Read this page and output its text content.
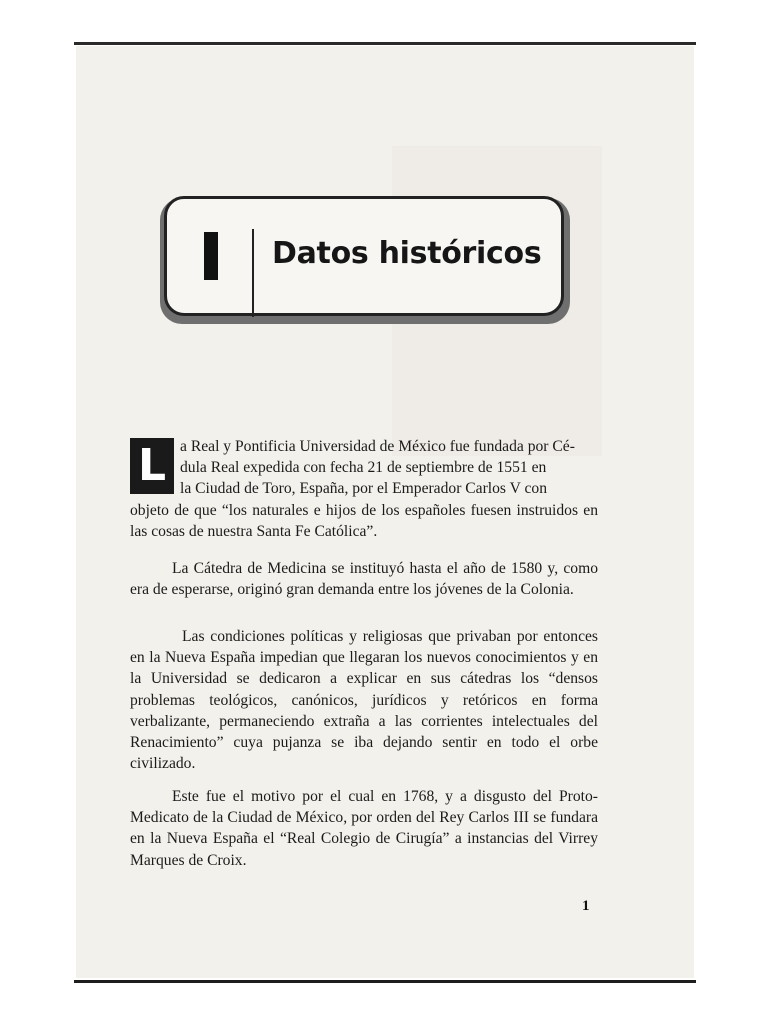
Datos históricos
L a Real y Pontificia Universidad de México fue fundada por Cé-
dula Real expedida con fecha 21 de septiembre de 1551 en
la Ciudad de Toro, España, por el Emperador Carlos V con
objeto de que “los naturales e hijos de los españoles fuesen instruidos en las cosas de nuestra Santa Fe Católica”.

La Cátedra de Medicina se instituyó hasta el año de 1580 y, como era de esperarse, originó gran demanda entre los jóvenes de la Colonia.

Las condiciones políticas y religiosas que privaban por entonces en la Nueva España impedian que llegaran los nuevos conocimientos y en la Universidad se dedicaron a explicar en sus cátedras los “densos problemas teológicos, canónicos, jurídicos y retóricos en forma verbalizante, permaneciendo extraña a las corrientes intelectuales del Renacimiento” cuya pujanza se iba dejando sentir en todo el orbe civilizado.

Este fue el motivo por el cual en 1768, y a disgusto del Proto-Medicato de la Ciudad de México, por orden del Rey Carlos III se fundara en la Nueva España el “Real Colegio de Cirugía” a instancias del Virrey Marques de Croix.

1
